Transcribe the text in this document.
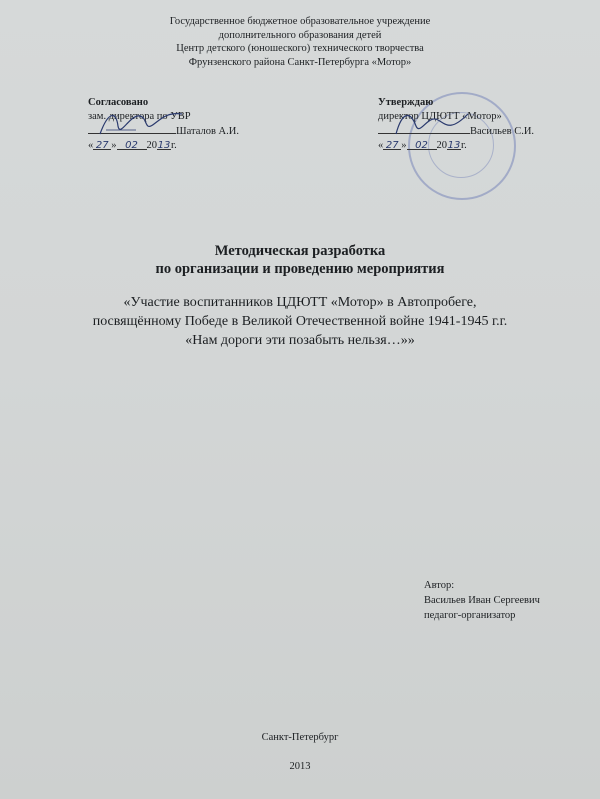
Государственное бюджетное образовательное учреждение
дополнительного образования детей
Центр детского (юношеского) технического творчества
Фрунзенского района Санкт-Петербурга «Мотор»
Согласовано
зам. директора по УВР
Шаталов А.И.
« 27 » 02 2013г.
Утверждаю
директор ЦДЮТТ «Мотор»
Васильев С.И.
« 27 » 02 2013г.
Методическая разработка
по организации и проведению мероприятия
«Участие воспитанников ЦДЮТТ «Мотор» в Автопробеге,
посвящённому Победе в Великой Отечественной войне 1941-1945 г.г.
«Нам дороги эти позабыть нельзя…»»
Автор:
Васильев Иван Сергеевич
педагог-организатор
Санкт-Петербург
2013
